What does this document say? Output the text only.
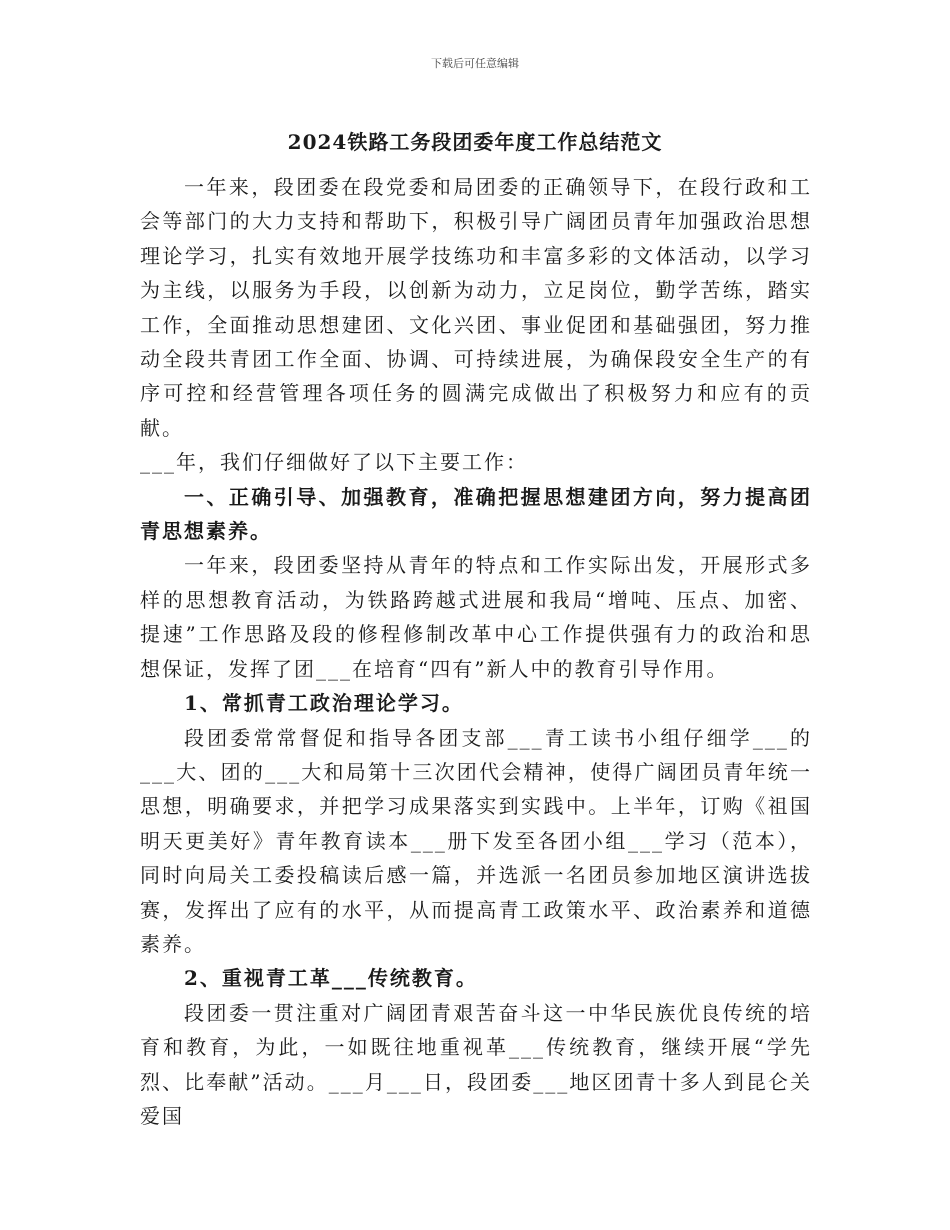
下载后可任意编辑
2024铁路工务段团委年度工作总结范文

一年来，段团委在段党委和局团委的正确领导下，在段行政和工会等部门的大力支持和帮助下，积极引导广阔团员青年加强政治思想理论学习，扎实有效地开展学技练功和丰富多彩的文体活动，以学习为主线，以服务为手段，以创新为动力，立足岗位，勤学苦练，踏实工作，全面推动思想建团、文化兴团、事业促团和基础强团，努力推动全段共青团工作全面、协调、可持续进展，为确保段安全生产的有序可控和经营管理各项任务的圆满完成做出了积极努力和应有的贡献。

___年，我们仔细做好了以下主要工作：

一、正确引导、加强教育，准确把握思想建团方向，努力提高团青思想素养。

一年来，段团委坚持从青年的特点和工作实际出发，开展形式多样的思想教育活动，为铁路跨越式进展和我局“增吨、压点、加密、提速”工作思路及段的修程修制改革中心工作提供强有力的政治和思想保证，发挥了团___在培育“四有”新人中的教育引导作用。

1、常抓青工政治理论学习。

段团委常常督促和指导各团支部___青工读书小组仔细学___的___大、团的___大和局第十三次团代会精神，使得广阔团员青年统一思想，明确要求，并把学习成果落实到实践中。上半年，订购《祖国明天更美好》青年教育读本___册下发至各团小组___学习（范本），同时向局关工委投稿读后感一篇，并选派一名团员参加地区演讲选拔赛，发挥出了应有的水平，从而提高青工政策水平、政治素养和道德素养。

2、重视青工革___传统教育。

段团委一贯注重对广阔团青艰苦奋斗这一中华民族优良传统的培育和教育，为此，一如既往地重视革___传统教育，继续开展“学先烈、比奉献”活动。___月___日，段团委___地区团青十多人到昆仑关爱国
